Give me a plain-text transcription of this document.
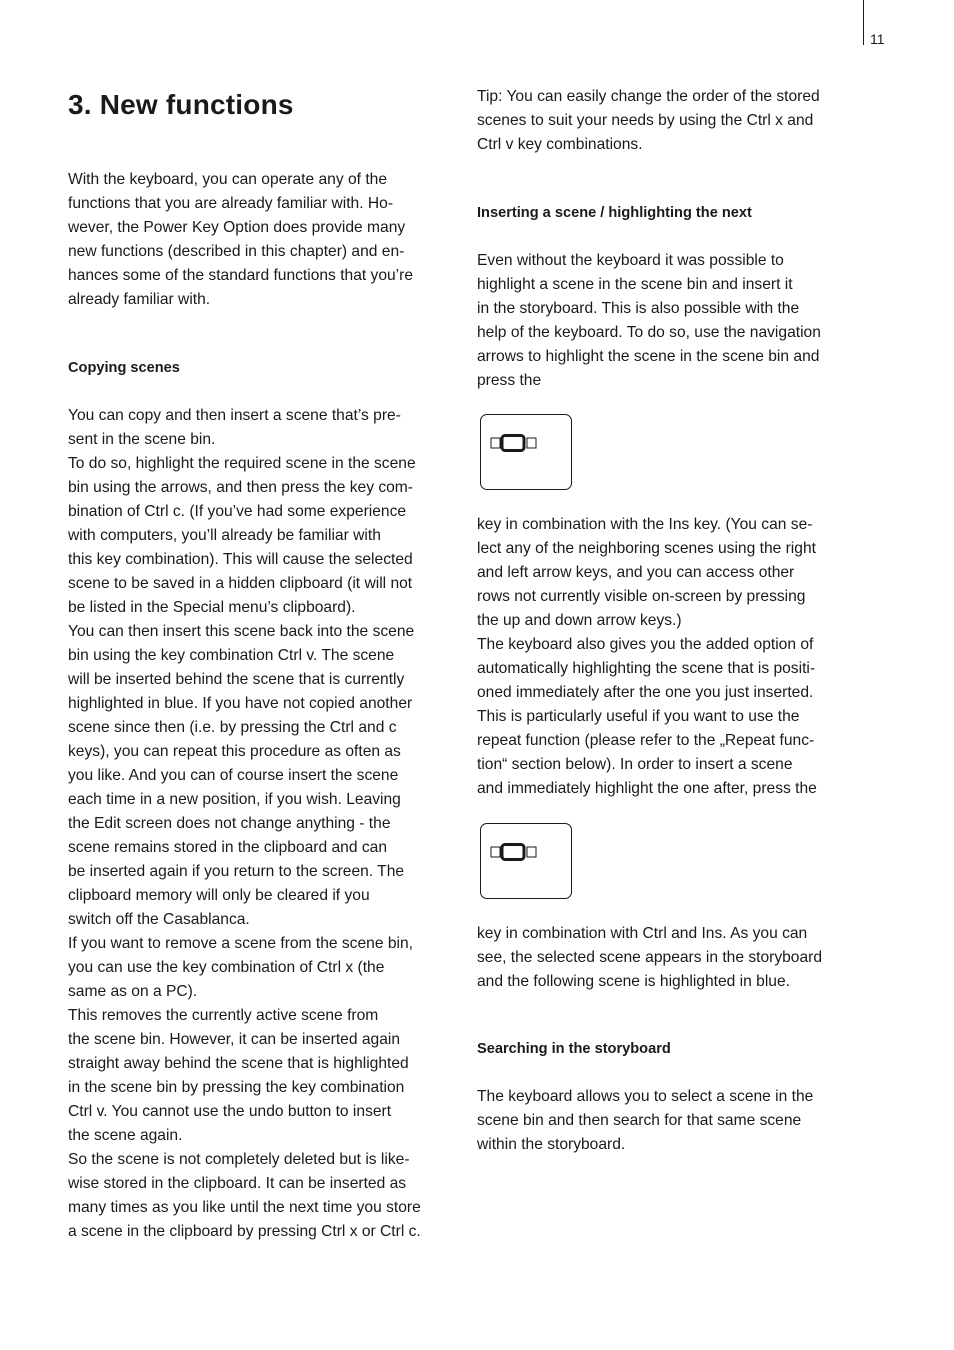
11
3. New functions
With the keyboard, you can operate any of the
functions that you are already familiar with. Ho-
wever, the Power Key Option does provide many
new functions (described in this chapter) and en-
hances some of the standard functions that you’re
already familiar with.
Copying scenes
You can copy and then insert a scene that’s pre-
sent in the scene bin.
To do so, highlight the required scene in the scene
bin using the arrows, and then press the key com-
bination of Ctrl c. (If you’ve had some experience
with computers, you’ll already be familiar with
this key combination). This will cause the selected
scene to be saved in a hidden clipboard (it will not
be listed in the Special menu’s clipboard).
You can then insert this scene back into the scene
bin using the key combination Ctrl v. The scene
will be inserted behind the scene that is currently
highlighted in blue. If you have not copied another
scene since then (i.e. by pressing the Ctrl and c
keys), you can repeat this procedure as often as
you like. And you can of course insert the scene
each time in a new position, if you wish. Leaving
the Edit screen does not change anything - the
scene remains stored in the clipboard and can
be inserted again if you return to the screen. The
clipboard memory will only be cleared if you
switch off the Casablanca.
If you want to remove a scene from the scene bin,
you can use the key combination of Ctrl x (the
same as on a PC).
This removes the currently active scene from
the scene bin. However, it can be inserted again
straight away behind the scene that is highlighted
in the scene bin by pressing the key combination
Ctrl v. You cannot use the undo button to insert
the scene again.
So the scene is not completely deleted but is like-
wise stored in the clipboard. It can be inserted as
many times as you like until the next time you store
a scene in the clipboard by pressing Ctrl x or Ctrl c.
Tip: You can easily change the order of the stored
scenes to suit your needs by using the Ctrl x and
Ctrl v key combinations.
Inserting a scene / highlighting the next
Even without the keyboard it was possible to
highlight a scene in the scene bin and insert it
in the storyboard. This is also possible with the
help of the keyboard. To do so, use the navigation
arrows to highlight the scene in the scene bin and
press the
key in combination with the Ins key. (You can se-
lect any of the neighboring scenes using the right
and left arrow keys, and you can access other
rows not currently visible on-screen by pressing
the up and down arrow keys.)
The keyboard also gives you the added option of
automatically highlighting the scene that is positi-
oned immediately after the one you just inserted.
This is particularly useful if you want to use the
repeat function (please refer to the „Repeat func-
tion“ section below). In order to insert a scene
and immediately highlight the one after, press the
key in combination with Ctrl and Ins. As you can
see, the selected scene appears in the storyboard
and the following scene is highlighted in blue.
Searching in the storyboard
The keyboard allows you to select a scene in the
scene bin and then search for that same scene
within the storyboard.
